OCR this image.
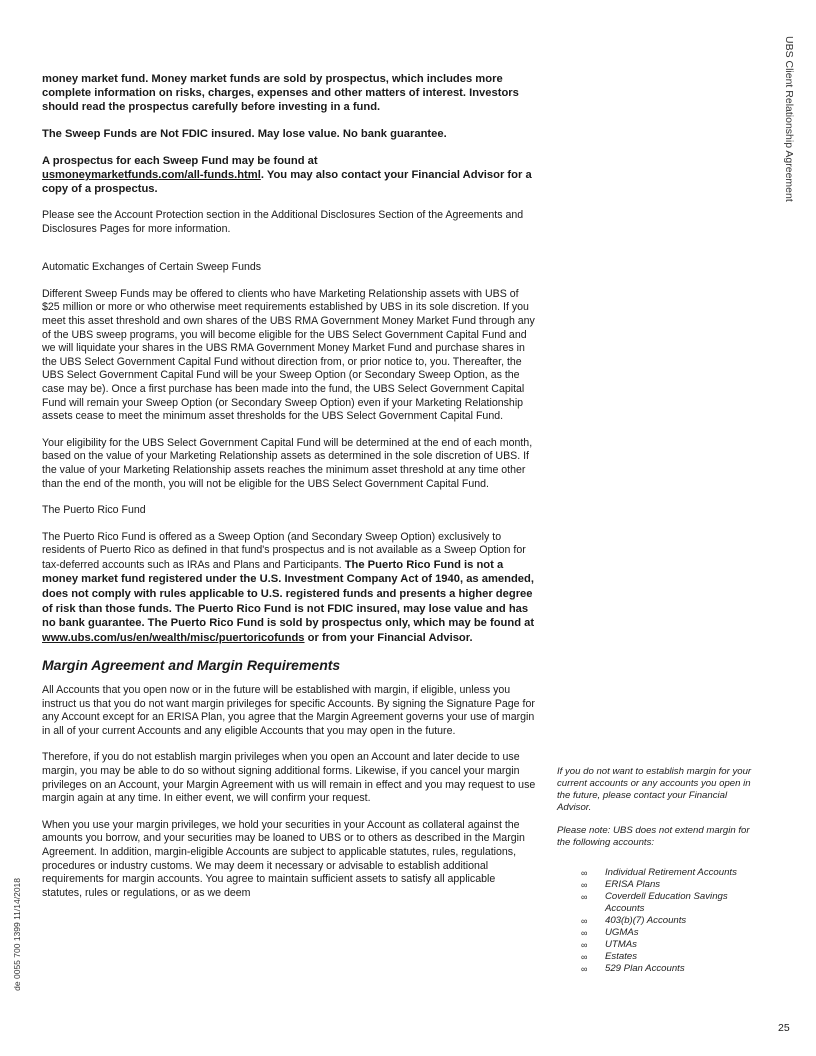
UBS Client Relationship Agreement
de 0055 700 1399 11/14/2018

money market fund. Money market funds are sold by prospectus, which includes more complete information on risks, charges, expenses and other matters of interest. Investors should read the prospectus carefully before investing in a fund.

The Sweep Funds are Not FDIC insured. May lose value. No bank guarantee.

A prospectus for each Sweep Fund may be found at
usmoneymarketfunds.com/all-funds.html. You may also contact your Financial Advisor for a copy of a prospectus.

Please see the Account Protection section in the Additional Disclosures Section of the Agreements and Disclosures Pages for more information.

Automatic Exchanges of Certain Sweep Funds

Different Sweep Funds may be offered to clients who have Marketing Relationship assets with UBS of $25 million or more or who otherwise meet requirements established by UBS in its sole discretion. If you meet this asset threshold and own shares of the UBS RMA Government Money Market Fund through any of the UBS sweep programs, you will become eligible for the UBS Select Government Capital Fund and we will liquidate your shares in the UBS RMA Government Money Market Fund and purchase shares in the UBS Select Government Capital Fund without direction from, or prior notice to, you. Thereafter, the UBS Select Government Capital Fund will be your Sweep Option (or Secondary Sweep Option, as the case may be). Once a first purchase has been made into the fund, the UBS Select Government Capital Fund will remain your Sweep Option (or Secondary Sweep Option) even if your Marketing Relationship assets cease to meet the minimum asset thresholds for the UBS Select Government Capital Fund.

Your eligibility for the UBS Select Government Capital Fund will be determined at the end of each month, based on the value of your Marketing Relationship assets as determined in the sole discretion of UBS. If the value of your Marketing Relationship assets reaches the minimum asset threshold at any time other than the end of the month, you will not be eligible for the UBS Select Government Capital Fund.

The Puerto Rico Fund

The Puerto Rico Fund is offered as a Sweep Option (and Secondary Sweep Option) exclusively to residents of Puerto Rico as defined in that fund's prospectus and is not available as a Sweep Option for tax-deferred accounts such as IRAs and Plans and Participants. The Puerto Rico Fund is not a money market fund registered under the U.S. Investment Company Act of 1940, as amended, does not comply with rules applicable to U.S. registered funds and presents a higher degree of risk than those funds. The Puerto Rico Fund is not FDIC insured, may lose value and has no bank guarantee. The Puerto Rico Fund is sold by prospectus only, which may be found at
www.ubs.com/us/en/wealth/misc/puertoricofunds or from your Financial Advisor.

Margin Agreement and Margin Requirements

All Accounts that you open now or in the future will be established with margin, if eligible, unless you instruct us that you do not want margin privileges for specific Accounts. By signing the Signature Page for any Account except for an ERISA Plan, you agree that the Margin Agreement governs your use of margin in all of your current Accounts and any eligible Accounts that you may open in the future.

Therefore, if you do not establish margin privileges when you open an Account and later decide to use margin, you may be able to do so without signing additional forms. Likewise, if you cancel your margin privileges on an Account, your Margin Agreement with us will remain in effect and you may request to use margin again at any time. In either event, we will confirm your request.

When you use your margin privileges, we hold your securities in your Account as collateral against the amounts you borrow, and your securities may be loaned to UBS or to others as described in the Margin Agreement. In addition, margin-eligible Accounts are subject to applicable statutes, rules, regulations, procedures or industry customs. We may deem it necessary or advisable to establish additional requirements for margin accounts. You agree to maintain sufficient assets to satisfy all applicable statutes, rules or regulations, or as we deem

If you do not want to establish margin for your current accounts or any accounts you open in the future, please contact your Financial Advisor.

Please note: UBS does not extend margin for the following accounts:

∞ Individual Retirement Accounts
∞ ERISA Plans
∞ Coverdell Education Savings Accounts
∞ 403(b)(7) Accounts
∞ UGMAs
∞ UTMAs
∞ Estates
∞ 529 Plan Accounts
25
